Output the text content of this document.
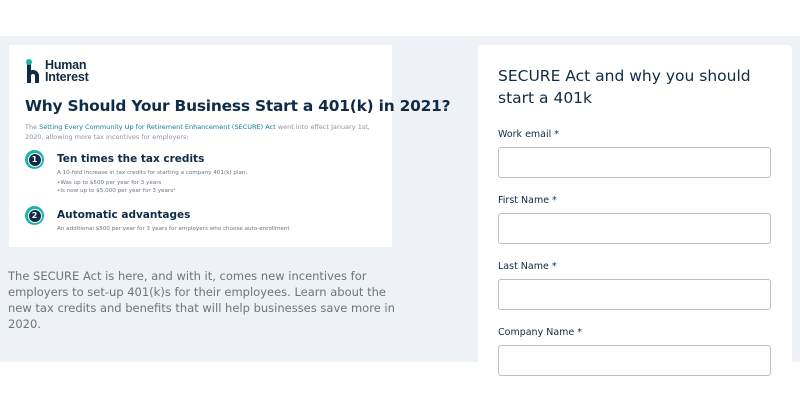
Human
Interest
Why Should Your Business Start a 401(k) in 2021?
The Setting Every Community Up for Retirement Enhancement (SECURE) Act went into effect January 1st, 2020, allowing more tax incentives for employers:
1	Ten times the tax credits
A 10-fold increase in tax credits for starting a company 401(k) plan:
• Was up to $500 per year for 3 years
• Is now up to $5,000 per year for 3 years¹
2	Automatic advantages
An additional $500 per year for 3 years for employers who choose auto-enrollment

The SECURE Act is here, and with it, comes new incentives for employers to set-up 401(k)s for their employees. Learn about the new tax credits and benefits that will help businesses save more in 2020.

SECURE Act and why you should start a 401k
Work email *
First Name *
Last Name *
Company Name *
